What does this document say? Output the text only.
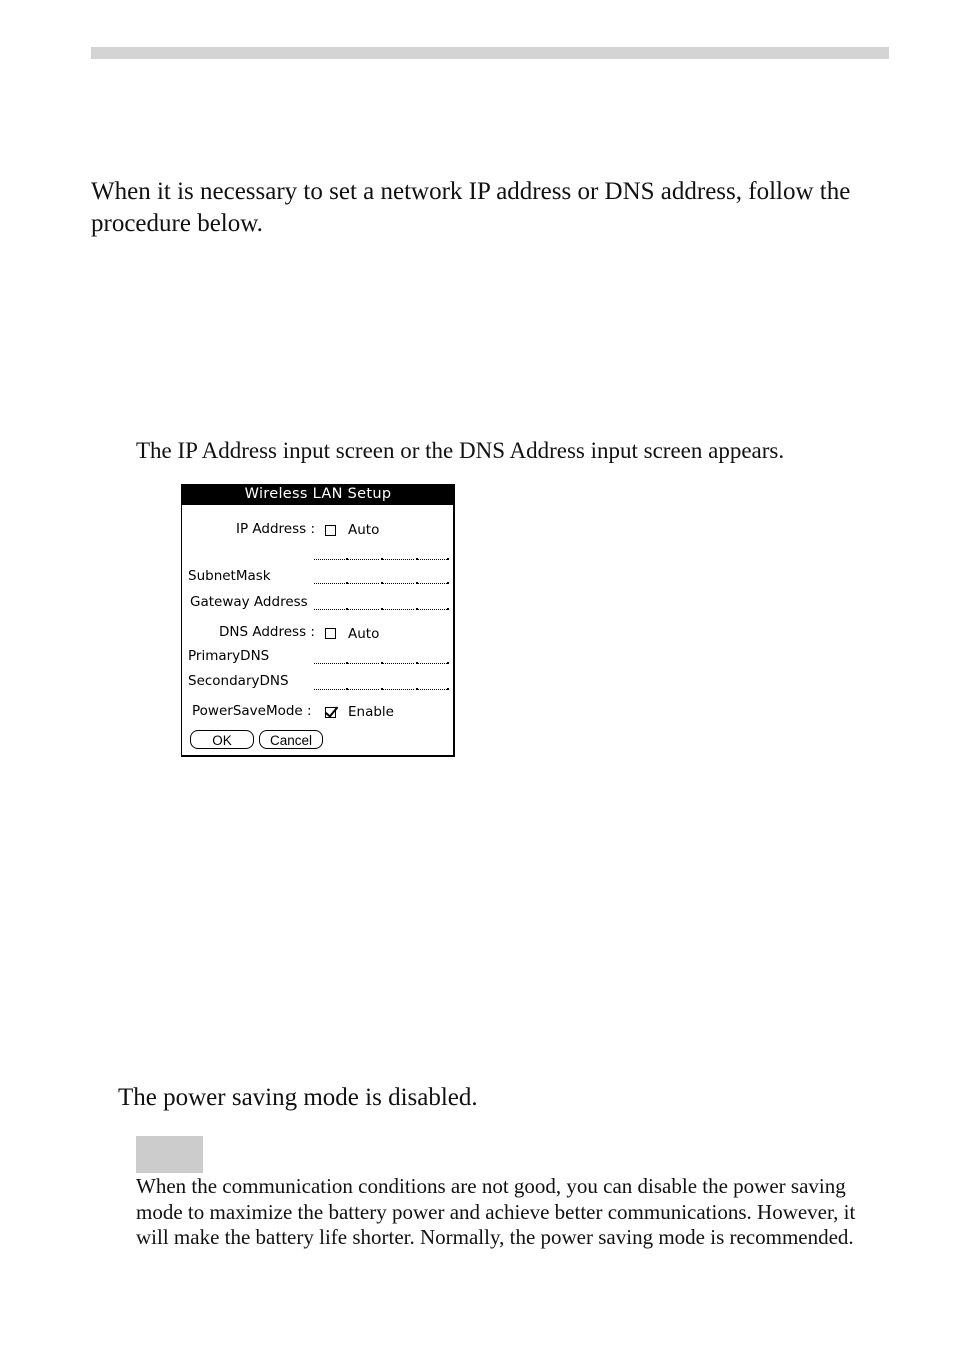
When it is necessary to set a network IP address or DNS address, follow the procedure below.

The IP Address input screen or the DNS Address input screen appears.
Wireless LAN Setup
IP Address : Auto
SubnetMask
Gateway Address
DNS Address : Auto
PrimaryDNS
SecondaryDNS
PowerSaveMode :	Enable
OK	Cancel
The power saving mode is disabled.

When the communication conditions are not good, you can disable the power saving mode to maximize the battery power and achieve better communications. However, it will make the battery life shorter. Normally, the power saving mode is recommended.
